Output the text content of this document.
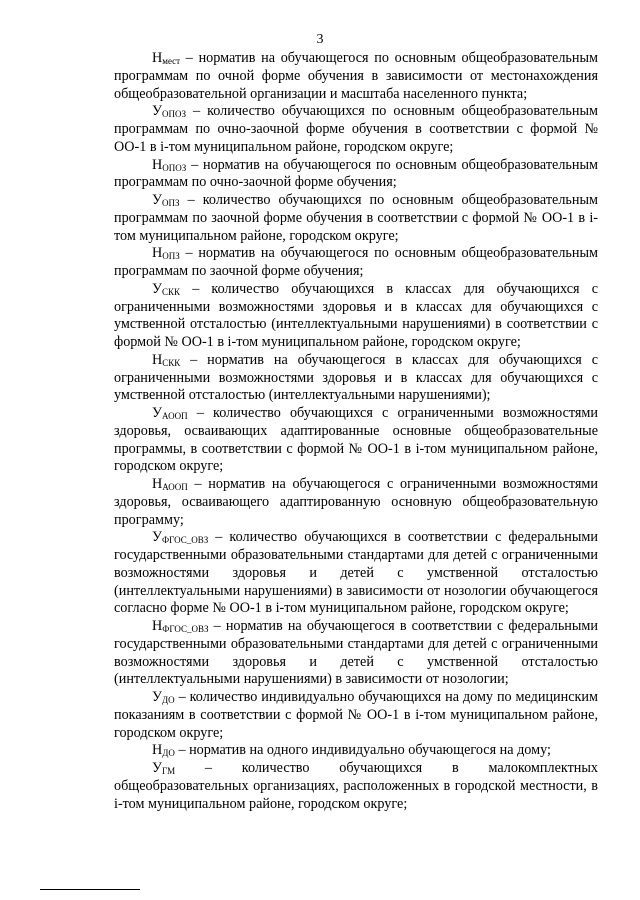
3

$Н_{мест}$ – норматив на обучающегося по основным общеобразовательным программам по очной форме обучения в зависимости от местонахождения общеобразовательной организации и масштаба населенного пункта;

$У_{ОПОЗ}$ – количество обучающихся по основным общеобразовательным программам по очно-заочной форме обучения в соответствии с формой № ОО-1 в i-том муниципальном районе, городском округе;

$Н_{ОПОЗ}$ – норматив на обучающегося по основным общеобразовательным программам по очно-заочной форме обучения;

$У_{ОПЗ}$ – количество обучающихся по основным общеобразовательным программам по заочной форме обучения в соответствии с формой № ОО-1 в i-том муниципальном районе, городском округе;

$Н_{ОПЗ}$ – норматив на обучающегося по основным общеобразовательным программам по заочной форме обучения;

$У_{СКК}$ – количество обучающихся в классах для обучающихся с ограниченными возможностями здоровья и в классах для обучающихся с умственной отсталостью (интеллектуальными нарушениями) в соответствии с формой № ОО-1 в i-том муниципальном районе, городском округе;

$Н_{СКК}$ – норматив на обучающегося в классах для обучающихся с ограниченными возможностями здоровья и в классах для обучающихся с умственной отсталостью (интеллектуальными нарушениями);

$У_{АООП}$ – количество обучающихся с ограниченными возможностями здоровья, осваивающих адаптированные основные общеобразовательные программы, в соответствии с формой № ОО-1 в i-том муниципальном районе, городском округе;

$Н_{АООП}$ – норматив на обучающегося с ограниченными возможностями здоровья, осваивающего адаптированную основную общеобразовательную программу;

$У_{ФГОС\_ОВЗ}$ – количество обучающихся в соответствии с федеральными государственными образовательными стандартами для детей с ограниченными возможностями здоровья и детей с умственной отсталостью (интеллектуальными нарушениями) в зависимости от нозологии обучающегося согласно форме № ОО-1 в i-том муниципальном районе, городском округе;

$Н_{ФГОС\_ОВЗ}$ – норматив на обучающегося в соответствии с федеральными государственными образовательными стандартами для детей с ограниченными возможностями здоровья и детей с умственной отсталостью (интеллектуальными нарушениями) в зависимости от нозологии;

$У_{ДО}$ – количество индивидуально обучающихся на дому по медицинским показаниям в соответствии с формой № ОО-1 в i-том муниципальном районе, городском округе;

$Н_{ДО}$ – норматив на одного индивидуально обучающегося на дому;

$У_{ГМ}$ – количество обучающихся в малокомплектных общеобразовательных организациях, расположенных в городской местности, в i-том муниципальном районе, городском округе;
